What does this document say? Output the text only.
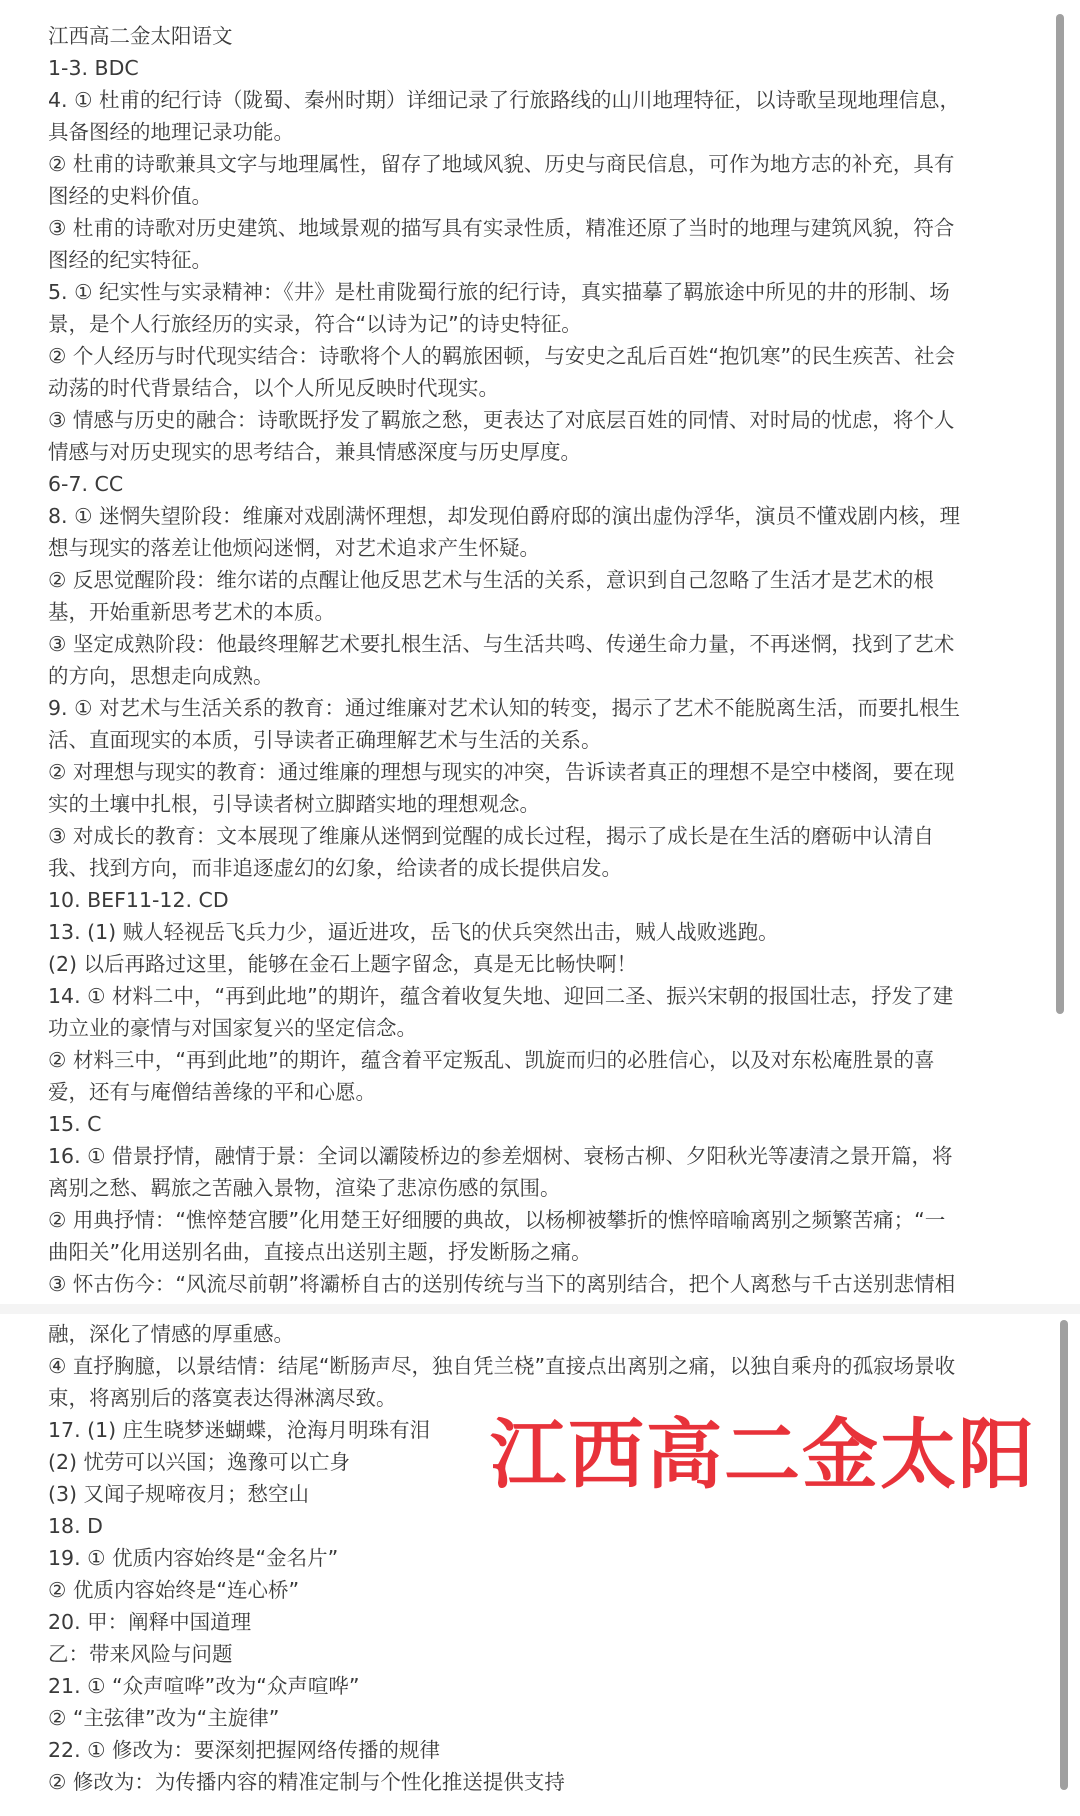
江西高二金太阳语文
1-3. BDC
4. ① 杜甫的纪行诗（陇蜀、秦州时期）详细记录了行旅路线的山川地理特征，以诗歌呈现地理信息，
具备图经的地理记录功能。
② 杜甫的诗歌兼具文字与地理属性，留存了地域风貌、历史与商民信息，可作为地方志的补充，具有
图经的史料价值。
③ 杜甫的诗歌对历史建筑、地域景观的描写具有实录性质，精准还原了当时的地理与建筑风貌，符合
图经的纪实特征。
5. ① 纪实性与实录精神：《井》是杜甫陇蜀行旅的纪行诗，真实描摹了羁旅途中所见的井的形制、场
景，是个人行旅经历的实录，符合“以诗为记”的诗史特征。
② 个人经历与时代现实结合：诗歌将个人的羁旅困顿，与安史之乱后百姓“抱饥寒”的民生疾苦、社会
动荡的时代背景结合，以个人所见反映时代现实。
③ 情感与历史的融合：诗歌既抒发了羁旅之愁，更表达了对底层百姓的同情、对时局的忧虑，将个人
情感与对历史现实的思考结合，兼具情感深度与历史厚度。
6-7. CC
8. ① 迷惘失望阶段：维廉对戏剧满怀理想，却发现伯爵府邸的演出虚伪浮华，演员不懂戏剧内核，理
想与现实的落差让他烦闷迷惘，对艺术追求产生怀疑。
② 反思觉醒阶段：维尔诺的点醒让他反思艺术与生活的关系，意识到自己忽略了生活才是艺术的根
基，开始重新思考艺术的本质。
③ 坚定成熟阶段：他最终理解艺术要扎根生活、与生活共鸣、传递生命力量，不再迷惘，找到了艺术
的方向，思想走向成熟。
9. ① 对艺术与生活关系的教育：通过维廉对艺术认知的转变，揭示了艺术不能脱离生活，而要扎根生
活、直面现实的本质，引导读者正确理解艺术与生活的关系。
② 对理想与现实的教育：通过维廉的理想与现实的冲突，告诉读者真正的理想不是空中楼阁，要在现
实的土壤中扎根，引导读者树立脚踏实地的理想观念。
③ 对成长的教育：文本展现了维廉从迷惘到觉醒的成长过程，揭示了成长是在生活的磨砺中认清自
我、找到方向，而非追逐虚幻的幻象，给读者的成长提供启发。
10. BEF11-12. CD
13. (1) 贼人轻视岳飞兵力少，逼近进攻，岳飞的伏兵突然出击，贼人战败逃跑。
(2) 以后再路过这里，能够在金石上题字留念，真是无比畅快啊！
14. ① 材料二中，“再到此地”的期许，蕴含着收复失地、迎回二圣、振兴宋朝的报国壮志，抒发了建
功立业的豪情与对国家复兴的坚定信念。
② 材料三中，“再到此地”的期许，蕴含着平定叛乱、凯旋而归的必胜信心，以及对东松庵胜景的喜
爱，还有与庵僧结善缘的平和心愿。
15. C
16. ① 借景抒情，融情于景：全词以灞陵桥边的参差烟树、衰杨古柳、夕阳秋光等凄清之景开篇，将
离别之愁、羁旅之苦融入景物，渲染了悲凉伤感的氛围。
② 用典抒情：“憔悴楚宫腰”化用楚王好细腰的典故，以杨柳被攀折的憔悴暗喻离别之频繁苦痛；“一
曲阳关”化用送别名曲，直接点出送别主题，抒发断肠之痛。
③ 怀古伤今：“风流尽前朝”将灞桥自古的送别传统与当下的离别结合，把个人离愁与千古送别悲情相
融，深化了情感的厚重感。
④ 直抒胸臆，以景结情：结尾“断肠声尽，独自凭兰桡”直接点出离别之痛，以独自乘舟的孤寂场景收
束，将离别后的落寞表达得淋漓尽致。
17. (1) 庄生晓梦迷蝴蝶，沧海月明珠有泪
(2) 忧劳可以兴国；逸豫可以亡身
(3) 又闻子规啼夜月；愁空山
18. D
19. ① 优质内容始终是“金名片”
② 优质内容始终是“连心桥”
20. 甲：阐释中国道理
乙：带来风险与问题
21. ① “众声喧哗”改为“众声喧哗”
② “主弦律”改为“主旋律”
22. ① 修改为：要深刻把握网络传播的规律
② 修改为：为传播内容的精准定制与个性化推送提供支持
江西高二金太阳
